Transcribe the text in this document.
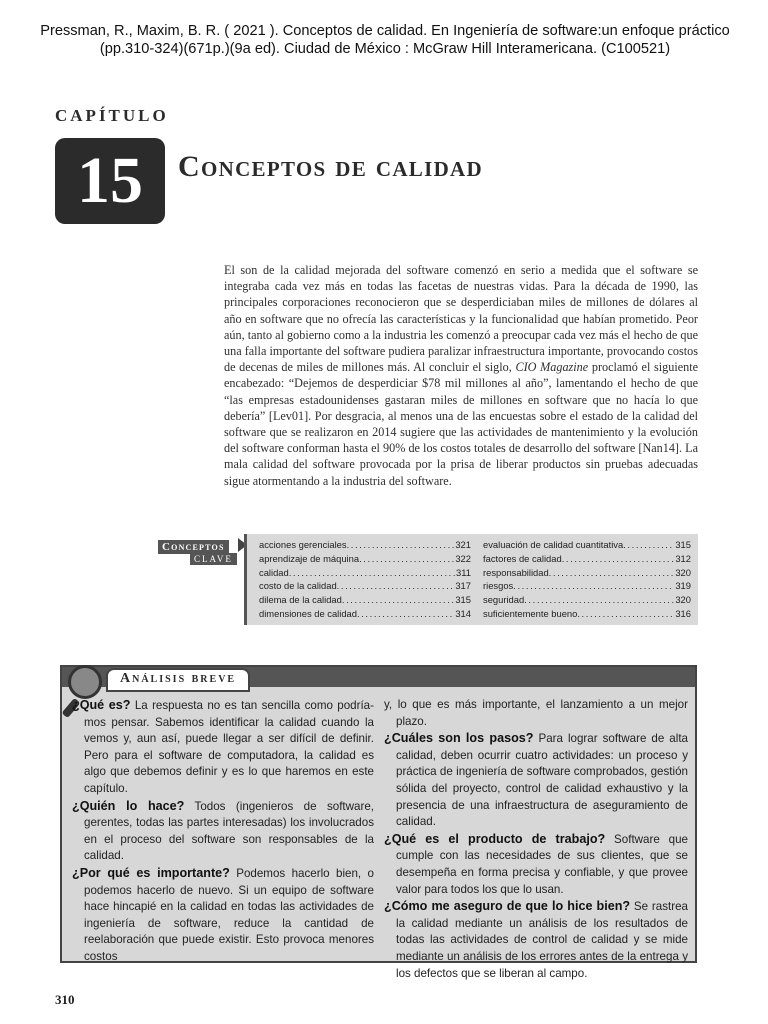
Pressman, R., Maxim, B. R. ( 2021 ). Conceptos de calidad. En Ingeniería de software:un enfoque práctico (pp.310-324)(671p.)(9a ed). Ciudad de México : McGraw Hill Interamericana. (C100521)
CAPÍTULO
15	Conceptos de calidad
El son de la calidad mejorada del software comenzó en serio a medida que el software se integraba cada vez más en todas las facetas de nuestras vidas. Para la década de 1990, las principales corporaciones reconocieron que se desperdiciaban miles de millones de dólares al año en software que no ofrecía las características y la funcionalidad que habían prometido. Peor aún, tanto al gobierno como a la industria les comenzó a preocupar cada vez más el hecho de que una falla importante del software pudiera paralizar infraestructura importante, provocando costos de decenas de miles de millones más. Al concluir el siglo, CIO Magazine proclamó el siguiente encabezado: “Dejemos de desperdiciar $78 mil millones al año”, lamentando el hecho de que “las empresas estadounidenses gastaran miles de millones en software que no hacía lo que debería” [Lev01]. Por desgracia, al menos una de las encuestas sobre el estado de la calidad del software que se realizaron en 2014 sugiere que las actividades de mantenimiento y la evolución del software conforman hasta el 90% de los costos totales de desarrollo del software [Nan14]. La mala calidad del software provocada por la prisa de liberar productos sin pruebas adecuadas sigue atormentando a la industria del software.
Conceptos
CLAVE
acciones gerenciales . . .	321
aprendizaje de máquina . . .	322
calidad . . .	311
costo de la calidad . . .	317
dilema de la calidad . . .	315
dimensiones de calidad . . .	314
evaluación de calidad cuantitativa . . .	315
factores de calidad . . .	312
responsabilidad . . .	320
riesgos . . .	319
seguridad . . .	320
suficientemente bueno . . .	316
Análisis breve
¿Qué es? La respuesta no es tan sencilla como podría-mos pensar. Sabemos identificar la calidad cuando la vemos y, aun así, puede llegar a ser difícil de definir. Pero para el software de computadora, la calidad es algo que debemos definir y es lo que haremos en este capítulo.
¿Quién lo hace? Todos (ingenieros de software, gerentes, todas las partes interesadas) los involucrados en el proceso del software son responsables de la calidad.
¿Por qué es importante? Podemos hacerlo bien, o podemos hacerlo de nuevo. Si un equipo de software hace hincapié en la calidad en todas las actividades de ingeniería de software, reduce la cantidad de reelaboración que puede existir. Esto provoca menores costos
y, lo que es más importante, el lanzamiento a un mejor plazo.
¿Cuáles son los pasos? Para lograr software de alta calidad, deben ocurrir cuatro actividades: un proceso y práctica de ingeniería de software comprobados, gestión sólida del proyecto, control de calidad exhaustivo y la presencia de una infraestructura de aseguramiento de calidad.
¿Qué es el producto de trabajo? Software que cumple con las necesidades de sus clientes, que se desempeña en forma precisa y confiable, y que provee valor para todos los que lo usan.
¿Cómo me aseguro de que lo hice bien? Se rastrea la calidad mediante un análisis de los resultados de todas las actividades de control de calidad y se mide mediante un análisis de los errores antes de la entrega y los defectos que se liberan al campo.
310
